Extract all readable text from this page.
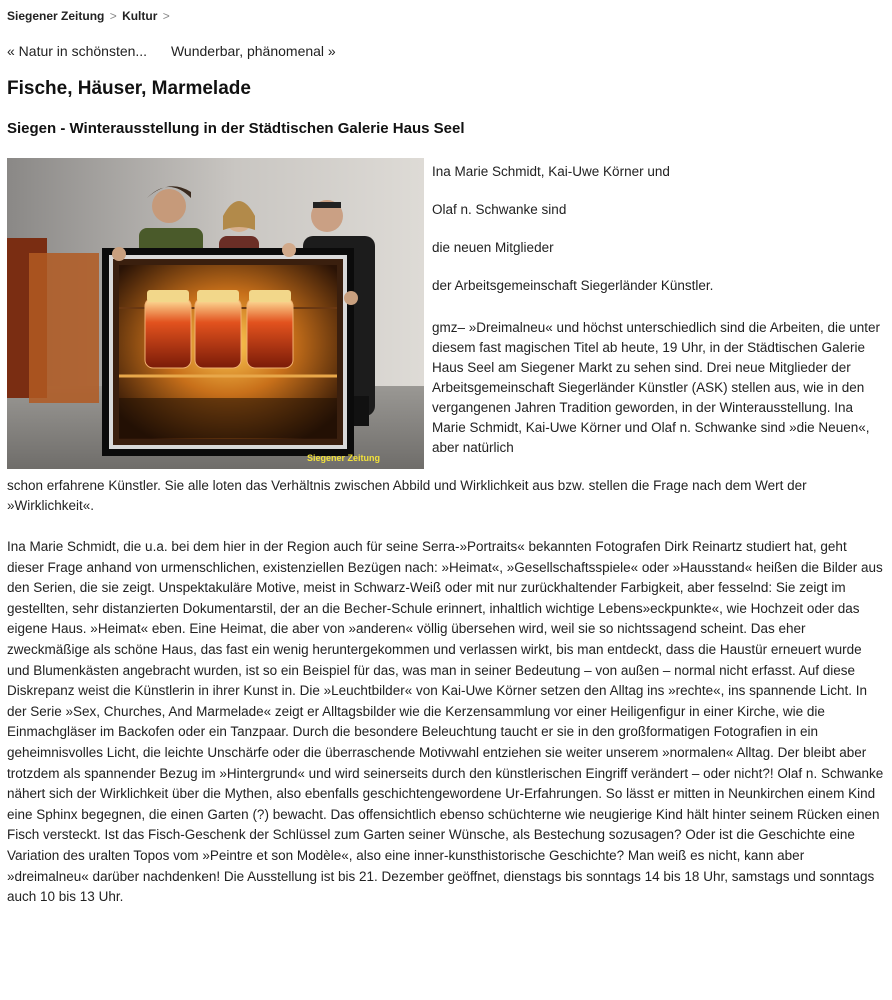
Siegener Zeitung > Kultur >
« Natur in schönsten... Wunderbar, phänomenal »
Fische, Häuser, Marmelade
Siegen - Winterausstellung in der Städtischen Galerie Haus Seel
Siegener Zeitung

Ina Marie Schmidt, Kai-Uwe Körner und

Olaf n. Schwanke sind

die neuen Mitglieder

der Arbeitsgemeinschaft Siegerländer Künstler.

gmz– »Dreimalneu« und höchst unterschiedlich sind die Arbeiten, die unter diesem fast magischen Titel ab heute, 19 Uhr, in der Städtischen Galerie Haus Seel am Siegener Markt zu sehen sind. Drei neue Mitglieder der Arbeitsgemeinschaft Siegerländer Künstler (ASK) stellen aus, wie in den vergangenen Jahren Tradition geworden, in der Winterausstellung. Ina Marie Schmidt, Kai-Uwe Körner und Olaf n. Schwanke sind »die Neuen«, aber natürlich

schon erfahrene Künstler. Sie alle loten das Verhältnis zwischen Abbild und Wirklichkeit aus bzw. stellen die Frage nach dem Wert der »Wirklichkeit«.

Ina Marie Schmidt, die u.a. bei dem hier in der Region auch für seine Serra-»Portraits« bekannten Fotografen Dirk Reinartz studiert hat, geht dieser Frage anhand von urmenschlichen, existenziellen Bezügen nach: »Heimat«, »Gesellschaftsspiele« oder »Hausstand« heißen die Bilder aus den Serien, die sie zeigt. Unspektakuläre Motive, meist in Schwarz-Weiß oder mit nur zurückhaltender Farbigkeit, aber fesselnd: Sie zeigt im gestellten, sehr distanzierten Dokumentarstil, der an die Becher-Schule erinnert, inhaltlich wichtige Lebens»eckpunkte«, wie Hochzeit oder das eigene Haus. »Heimat« eben. Eine Heimat, die aber von »anderen« völlig übersehen wird, weil sie so nichtssagend scheint. Das eher zweckmäßige als schöne Haus, das fast ein wenig heruntergekommen und verlassen wirkt, bis man entdeckt, dass die Haustür erneuert wurde und Blumenkästen angebracht wurden, ist so ein Beispiel für das, was man in seiner Bedeutung – von außen – normal nicht erfasst. Auf diese Diskrepanz weist die Künstlerin in ihrer Kunst in. Die »Leuchtbilder« von Kai-Uwe Körner setzen den Alltag ins »rechte«, ins spannende Licht. In der Serie »Sex, Churches, And Marmelade« zeigt er Alltagsbilder wie die Kerzensammlung vor einer Heiligenfigur in einer Kirche, wie die Einmachgläser im Backofen oder ein Tanzpaar. Durch die besondere Beleuchtung taucht er sie in den großformatigen Fotografien in ein geheimnisvolles Licht, die leichte Unschärfe oder die überraschende Motivwahl entziehen sie weiter unserem »normalen« Alltag. Der bleibt aber trotzdem als spannender Bezug im »Hintergrund« und wird seinerseits durch den künstlerischen Eingriff verändert – oder nicht?! Olaf n. Schwanke nähert sich der Wirklichkeit über die Mythen, also ebenfalls geschichtengewordene Ur-Erfahrungen. So lässt er mitten in Neunkirchen einem Kind eine Sphinx begegnen, die einen Garten (?) bewacht. Das offensichtlich ebenso schüchterne wie neugierige Kind hält hinter seinem Rücken einen Fisch versteckt. Ist das Fisch-Geschenk der Schlüssel zum Garten seiner Wünsche, als Bestechung sozusagen? Oder ist die Geschichte eine Variation des uralten Topos vom »Peintre et son Modèle«, also eine inner-kunsthistorische Geschichte? Man weiß es nicht, kann aber »dreimalneu« darüber nachdenken! Die Ausstellung ist bis 21. Dezember geöffnet, dienstags bis sonntags 14 bis 18 Uhr, samstags und sonntags auch 10 bis 13 Uhr.
